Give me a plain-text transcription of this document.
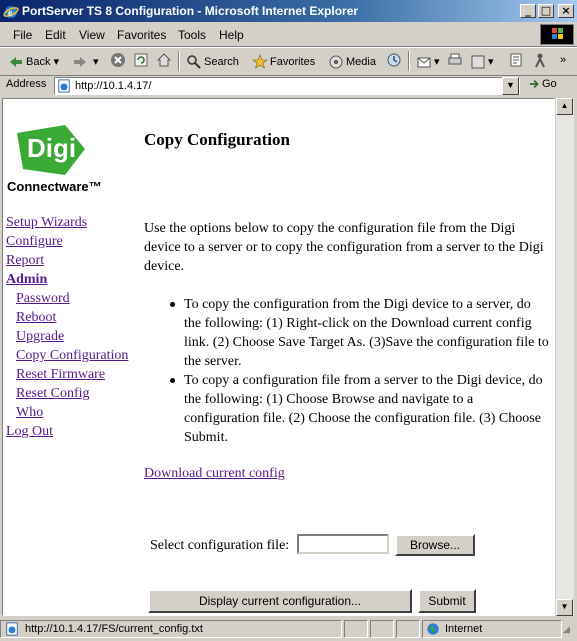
e PortServer TS 8 Configuration - Microsoft Internet Explorer	_ □ ×
File Edit View Favorites Tools Help
Back ▾	▾	Search	Favorites	Media	▾	▾	»
Address	http://10.1.4.17/	▼	Go
Digi
Connectware™
Setup Wizards
Configure
Report
Admin
Password
Reboot
Upgrade
Copy Configuration
Reset Firmware
Reset Config
Who
Log Out
Copy Configuration
Use the options below to copy the configuration file from the Digi device to a server or to copy the configuration from a server to the Digi device.
To copy the configuration from the Digi device to a server, do the following: (1) Right-click on the Download current config link. (2) Choose Save Target As. (3)Save the configuration file to the server.
To copy a configuration file from a server to the Digi device, do the following: (1) Choose Browse and navigate to a configuration file. (2) Choose the configuration file. (3) Choose Submit.
Download current config
Select configuration file:	Browse...
Display current configuration...	Submit
▲
▼
http://10.1.4.17/FS/current_config.txt	Internet	◢
